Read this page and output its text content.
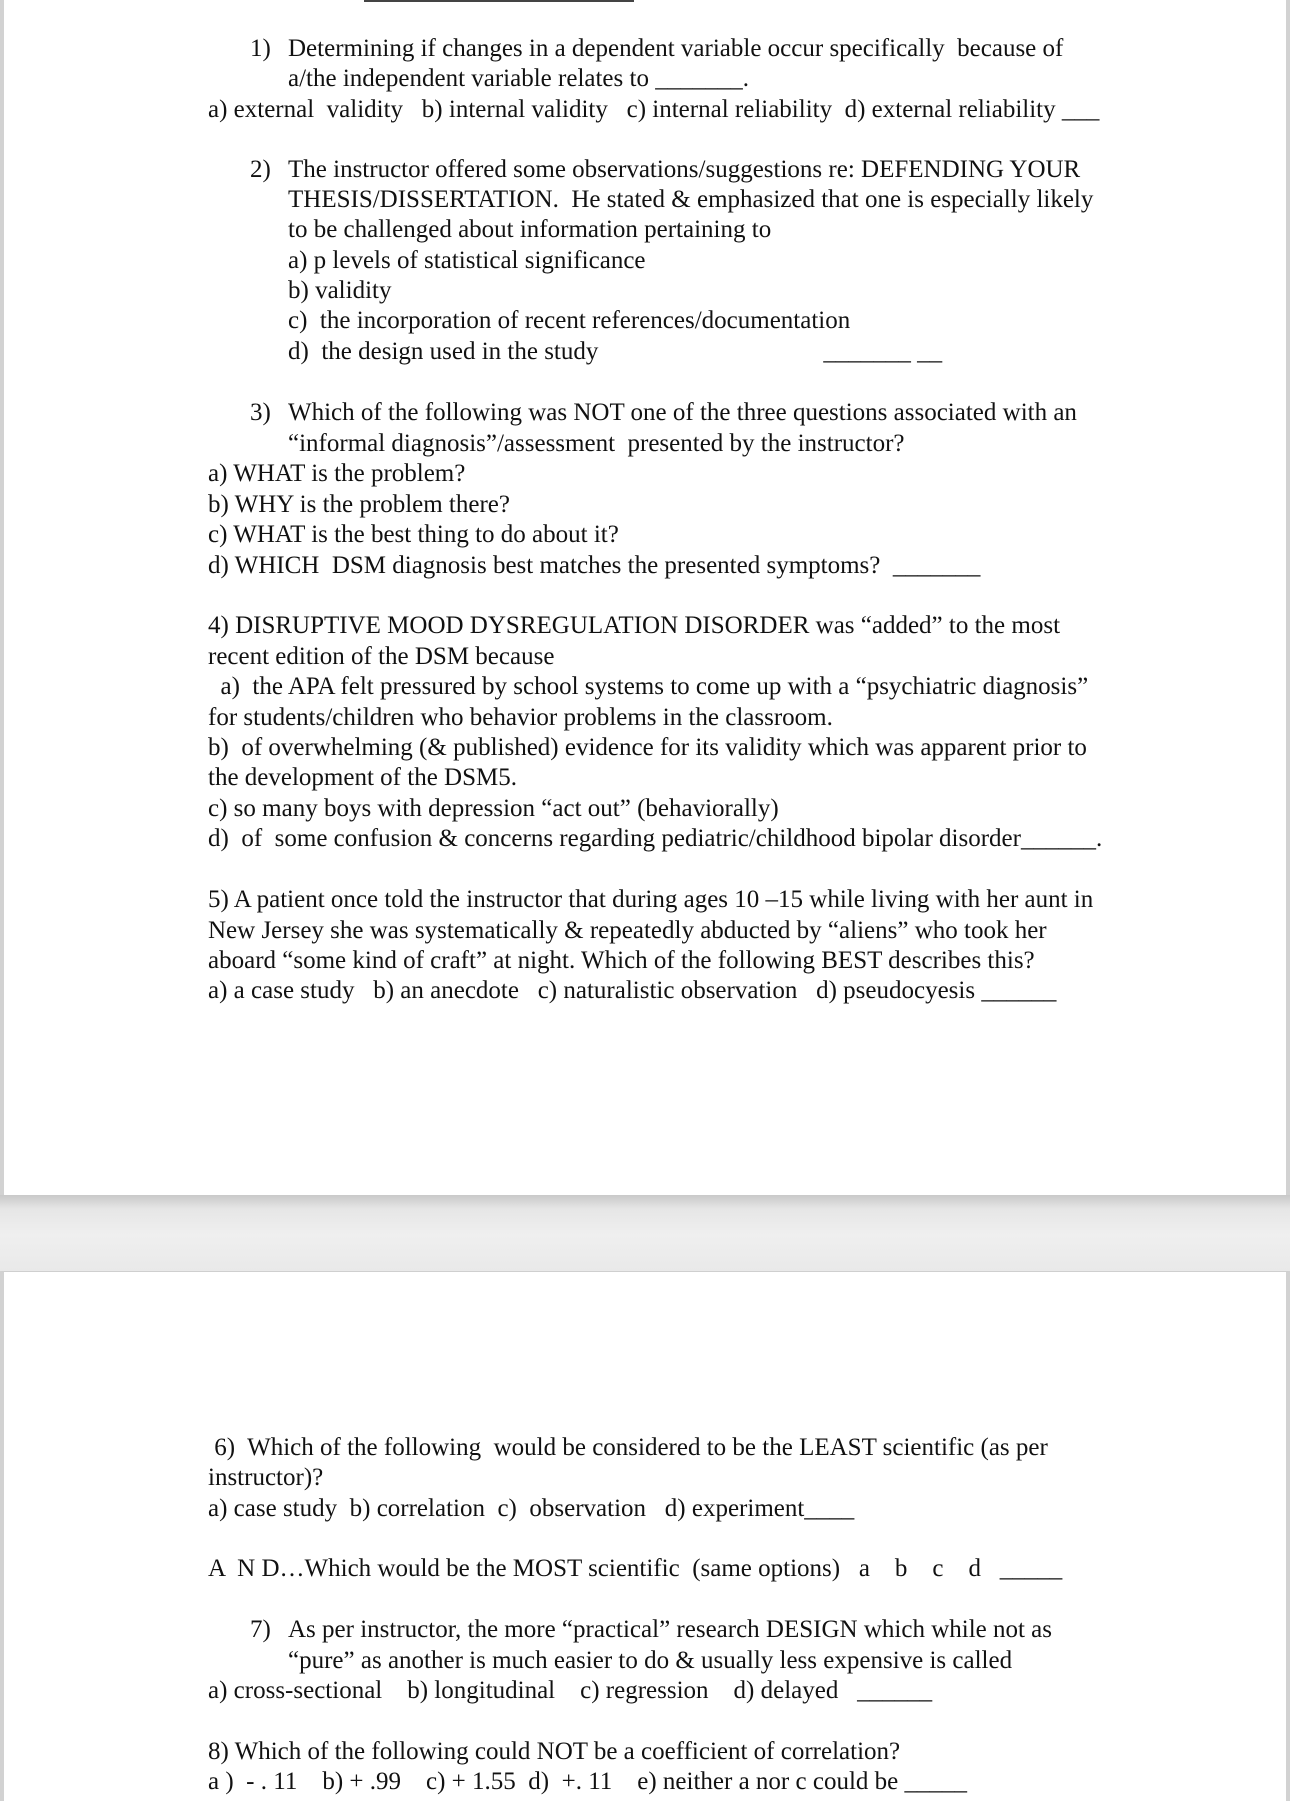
1) Determining if changes in a dependent variable occur specifically  because of
a/the independent variable relates to _______.
a) external  validity   b) internal validity   c) internal reliability  d) external reliability ___
2) The instructor offered some observations/suggestions re: DEFENDING YOUR
THESIS/DISSERTATION.  He stated & emphasized that one is especially likely
to be challenged about information pertaining to
a) p levels of statistical significance
b) validity
c)  the incorporation of recent references/documentation
d)  the design used in the study                                    _______ __
3) Which of the following was NOT one of the three questions associated with an
“informal diagnosis”/assessment  presented by the instructor?
a) WHAT is the problem?
b) WHY is the problem there?
c) WHAT is the best thing to do about it?
d) WHICH  DSM diagnosis best matches the presented symptoms?  _______
4) DISRUPTIVE MOOD DYSREGULATION DISORDER was “added” to the most
recent edition of the DSM because
a)  the APA felt pressured by school systems to come up with a “psychiatric diagnosis”
for students/children who behavior problems in the classroom.
b)  of overwhelming (& published) evidence for its validity which was apparent prior to
the development of the DSM5.
c) so many boys with depression “act out” (behaviorally)
d)  of  some confusion & concerns regarding pediatric/childhood bipolar disorder______.
5) A patient once told the instructor that during ages 10 –15 while living with her aunt in
New Jersey she was systematically & repeatedly abducted by “aliens” who took her
aboard “some kind of craft” at night. Which of the following BEST describes this?
a) a case study   b) an anecdote   c) naturalistic observation   d) pseudocyesis ______
6)  Which of the following  would be considered to be the LEAST scientific (as per
instructor)?
a) case study  b) correlation  c)  observation   d) experiment____
A  N D…Which would be the MOST scientific  (same options)   a    b    c    d   _____
7) As per instructor, the more “practical” research DESIGN which while not as
“pure” as another is much easier to do & usually less expensive is called
a) cross-sectional    b) longitudinal    c) regression    d) delayed   ______
8) Which of the following could NOT be a coefficient of correlation?
a )  - . 11    b) + .99    c) + 1.55  d)  +. 11    e) neither a nor c could be _____
